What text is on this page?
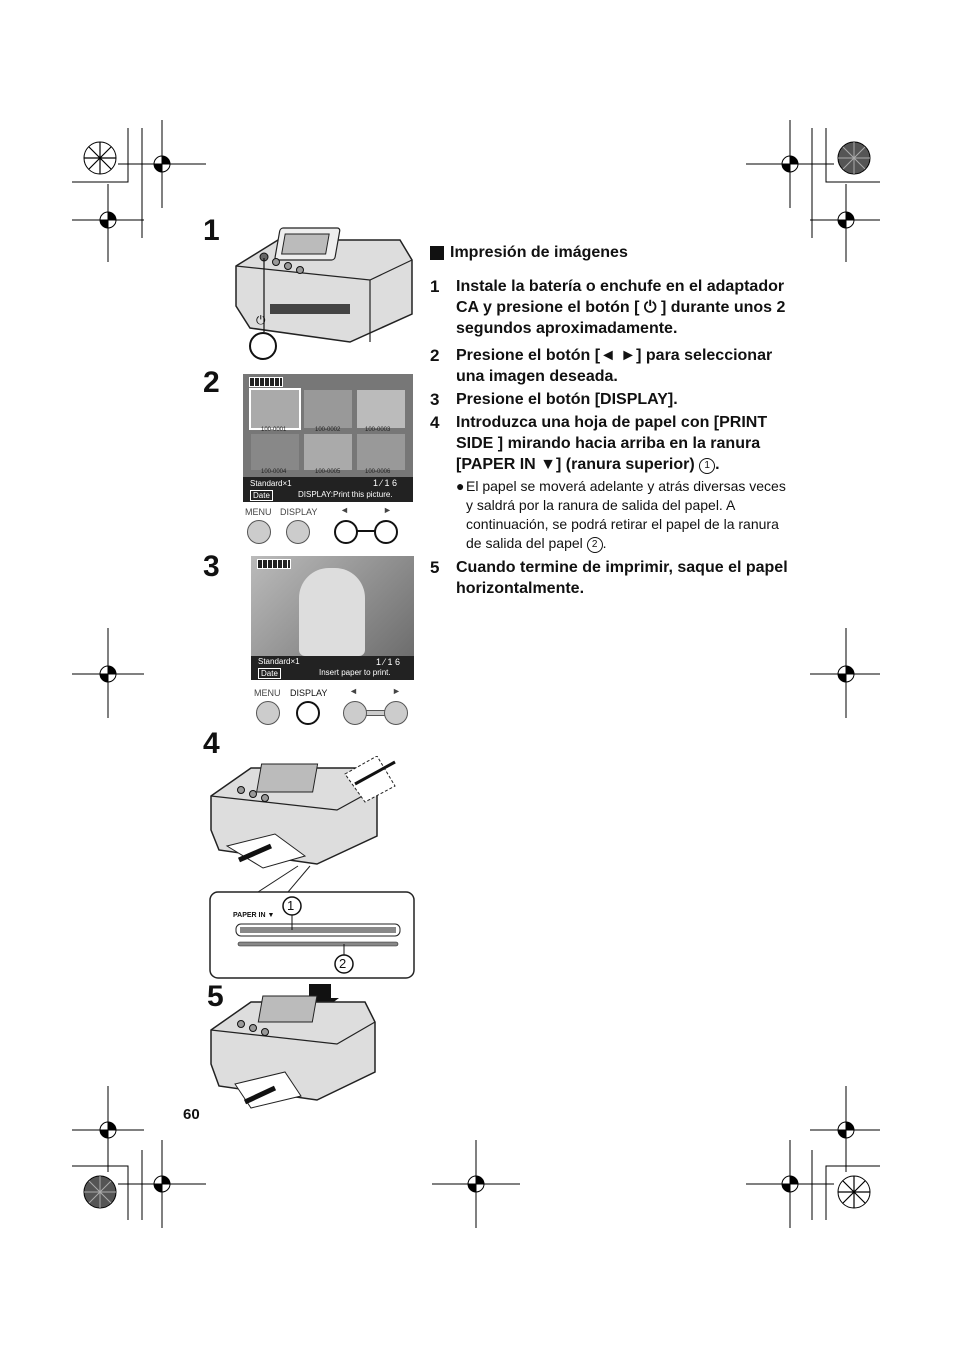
1
2
3
4
5
⏻
100-0001	100-0002	100-0003
100-0004	100-0005	100-0006
Standard×1	1 ⁄ 1 6
Date	DISPLAY:Print this picture.
MENU DISPLAY	◄	►
Standard×1	1 ⁄ 1 6
Date	Insert paper to print.
MENU DISPLAY ◄	►
PAPER IN ▼
1
2
Impresión de imágenes
1	Instale la batería o enchufe en el adaptador CA y presione el botón [ ⏻ ] durante unos 2 segundos aproximadamente.
2	Presione el botón [◄ ►] para seleccionar una imagen deseada.
3	Presione el botón [DISPLAY].
4	Introduzca una hoja de papel con [PRINT SIDE ] mirando hacia arriba en la ranura [PAPER IN ▼] (ranura superior) 1 .
● El papel se moverá adelante y atrás diversas veces y saldrá por la ranura de salida del papel. A continuación, se podrá retirar el papel de la ranura de salida del papel 2 .
5	Cuando termine de imprimir, saque el papel horizontalmente.
60
